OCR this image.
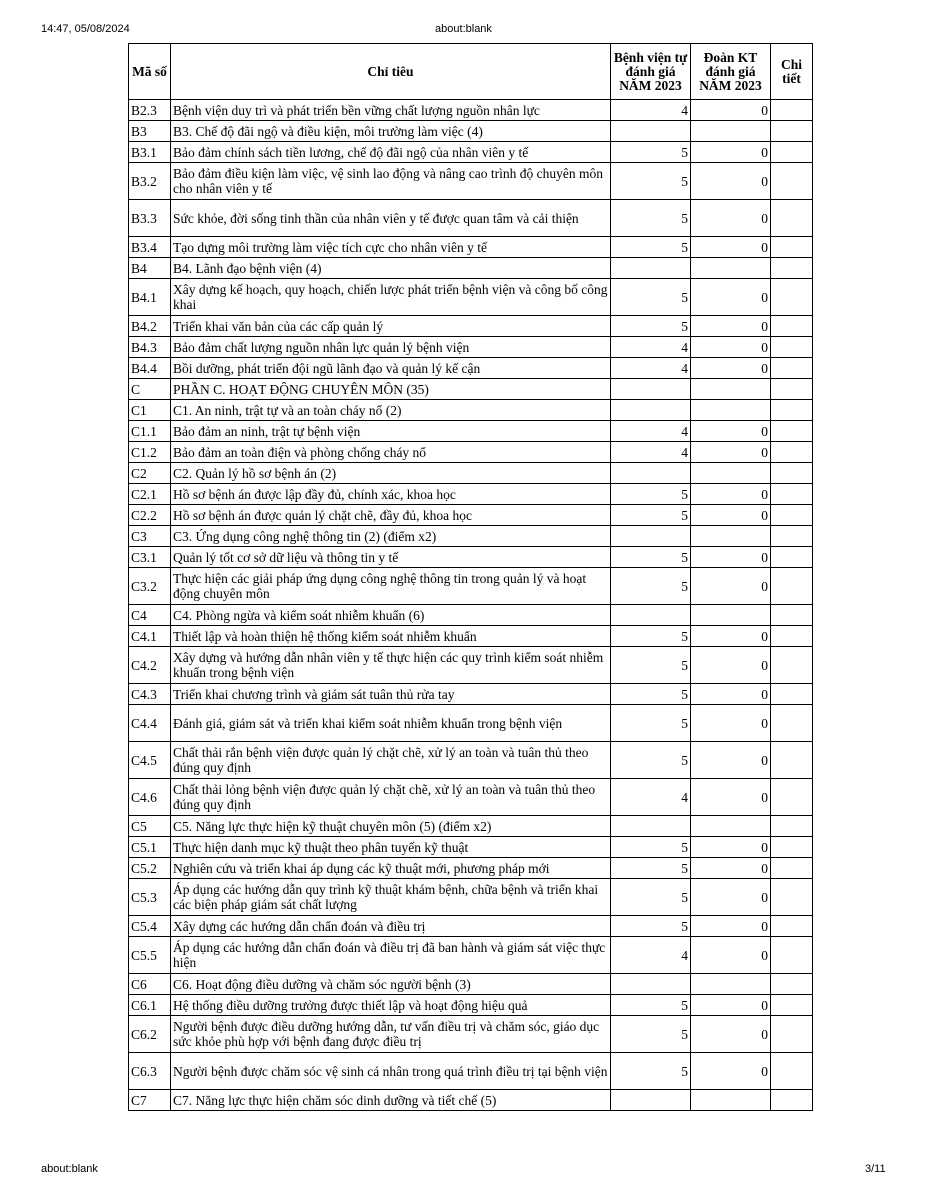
14:47, 05/08/2024	about:blank
Mã số	Chỉ tiêu	Bệnh viện tự đánh giá NĂM 2023	Đoàn KT đánh giá NĂM 2023	Chi tiết
B2.3	Bệnh viện duy trì và phát triển bền vững chất lượng nguồn nhân lực	4	0	
B3	B3. Chế độ đãi ngộ và điều kiện, môi trường làm việc (4)			
B3.1	Bảo đảm chính sách tiền lương, chế độ đãi ngộ của nhân viên y tế	5	0	
B3.2	Bảo đảm điều kiện làm việc, vệ sinh lao động và nâng cao trình độ chuyên môn cho nhân viên y tế	5	0	
B3.3	Sức khỏe, đời sống tinh thần của nhân viên y tế được quan tâm và cải thiện	5	0	
B3.4	Tạo dựng môi trường làm việc tích cực cho nhân viên y tế	5	0	
B4	B4. Lãnh đạo bệnh viện (4)			
B4.1	Xây dựng kế hoạch, quy hoạch, chiến lược phát triển bệnh viện và công bố công khai	5	0	
B4.2	Triển khai văn bản của các cấp quản lý	5	0	
B4.3	Bảo đảm chất lượng nguồn nhân lực quản lý bệnh viện	4	0	
B4.4	Bồi dưỡng, phát triển đội ngũ lãnh đạo và quản lý kế cận	4	0	
C	PHẦN C. HOẠT ĐỘNG CHUYÊN MÔN (35)			
C1	C1. An ninh, trật tự và an toàn cháy nổ (2)			
C1.1	Bảo đảm an ninh, trật tự bệnh viện	4	0	
C1.2	Bảo đảm an toàn điện và phòng chống cháy nổ	4	0	
C2	C2. Quản lý hồ sơ bệnh án (2)			
C2.1	Hồ sơ bệnh án được lập đầy đủ, chính xác, khoa học	5	0	
C2.2	Hồ sơ bệnh án được quản lý chặt chẽ, đầy đủ, khoa học	5	0	
C3	C3. Ứng dụng công nghệ thông tin (2) (điểm x2)			
C3.1	Quản lý tốt cơ sở dữ liệu và thông tin y tế	5	0	
C3.2	Thực hiện các giải pháp ứng dụng công nghệ thông tin trong quản lý và hoạt động chuyên môn	5	0	
C4	C4. Phòng ngừa và kiểm soát nhiễm khuẩn (6)			
C4.1	Thiết lập và hoàn thiện hệ thống kiểm soát nhiễm khuẩn	5	0	
C4.2	Xây dựng và hướng dẫn nhân viên y tế thực hiện các quy trình kiểm soát nhiễm khuẩn trong bệnh viện	5	0	
C4.3	Triển khai chương trình và giám sát tuân thủ rửa tay	5	0	
C4.4	Đánh giá, giám sát và triển khai kiểm soát nhiễm khuẩn trong bệnh viện	5	0	
C4.5	Chất thải rắn bệnh viện được quản lý chặt chẽ, xử lý an toàn và tuân thủ theo đúng quy định	5	0	
C4.6	Chất thải lỏng bệnh viện được quản lý chặt chẽ, xử lý an toàn và tuân thủ theo đúng quy định	4	0	
C5	C5. Năng lực thực hiện kỹ thuật chuyên môn (5) (điểm x2)			
C5.1	Thực hiện danh mục kỹ thuật theo phân tuyến kỹ thuật	5	0	
C5.2	Nghiên cứu và triển khai áp dụng các kỹ thuật mới, phương pháp mới	5	0	
C5.3	Áp dụng các hướng dẫn quy trình kỹ thuật khám bệnh, chữa bệnh và triển khai các biện pháp giám sát chất lượng	5	0	
C5.4	Xây dựng các hướng dẫn chẩn đoán và điều trị	5	0	
C5.5	Áp dụng các hướng dẫn chẩn đoán và điều trị đã ban hành và giám sát việc thực hiện	4	0	
C6	C6. Hoạt động điều dưỡng và chăm sóc người bệnh (3)			
C6.1	Hệ thống điều dưỡng trưởng được thiết lập và hoạt động hiệu quả	5	0	
C6.2	Người bệnh được điều dưỡng hướng dẫn, tư vấn điều trị và chăm sóc, giáo dục sức khỏe phù hợp với bệnh đang được điều trị	5	0	
C6.3	Người bệnh được chăm sóc vệ sinh cá nhân trong quá trình điều trị tại bệnh viện	5	0	
C7	C7. Năng lực thực hiện chăm sóc dinh dưỡng và tiết chế (5)			
about:blank	3/11
